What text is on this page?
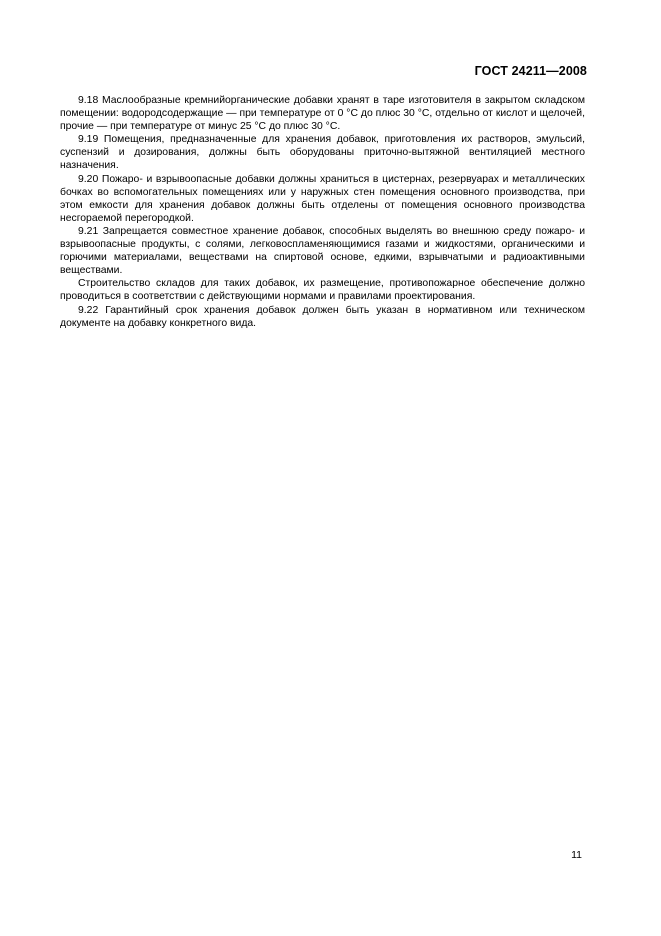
ГОСТ 24211—2008

9.18 Маслообразные кремнийорганические добавки хранят в таре изготовителя в закрытом складском помещении: водородсодержащие — при температуре от 0 °С до плюс 30 °С, отдельно от кислот и щелочей, прочие — при температуре от минус 25 °С до плюс 30 °С.

9.19 Помещения, предназначенные для хранения добавок, приготовления их растворов, эмульсий, суспензий и дозирования, должны быть оборудованы приточно-вытяжной вентиляцией местного назначения.

9.20 Пожаро- и взрывоопасные добавки должны храниться в цистернах, резервуарах и металлических бочках во вспомогательных помещениях или у наружных стен помещения основного производства, при этом емкости для хранения добавок должны быть отделены от помещения основного производства несгораемой перегородкой.

9.21 Запрещается совместное хранение добавок, способных выделять во внешнюю среду пожаро- и взрывоопасные продукты, с солями, легковоспламеняющимися газами и жидкостями, органическими и горючими материалами, веществами на спиртовой основе, едкими, взрывчатыми и радиоактивными веществами.

Строительство складов для таких добавок, их размещение, противопожарное обеспечение должно проводиться в соответствии с действующими нормами и правилами проектирования.

9.22 Гарантийный срок хранения добавок должен быть указан в нормативном или техническом документе на добавку конкретного вида.

11
